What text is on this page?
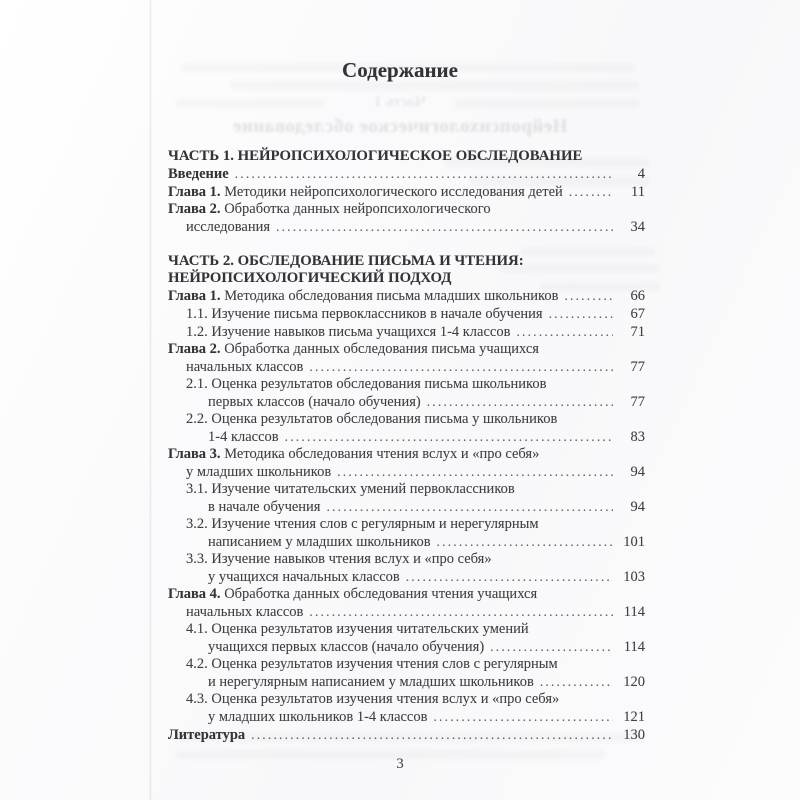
Часть 1
Нейропсихологическое обследование
Содержание
ЧАСТЬ 1. НЕЙРОПСИХОЛОГИЧЕСКОЕ ОБСЛЕДОВАНИЕ
Введение .....	4
Глава 1. Методики нейропсихологического исследования детей .....	11
Глава 2. Обработка данных нейропсихологического
исследования .....	34
ЧАСТЬ 2. ОБСЛЕДОВАНИЕ ПИСЬМА И ЧТЕНИЯ:
НЕЙРОПСИХОЛОГИЧЕСКИЙ ПОДХОД
Глава 1. Методика обследования письма младших школьников .....	66
1.1. Изучение письма первоклассников в начале обучения .....	67
1.2. Изучение навыков письма учащихся 1-4 классов .....	71
Глава 2. Обработка данных обследования письма учащихся
начальных классов .....	77
2.1. Оценка результатов обследования письма школьников
первых классов (начало обучения) .....	77
2.2. Оценка результатов обследования письма у школьников
1-4 классов .....	83
Глава 3. Методика обследования чтения вслух и «про себя»
у младших школьников .....	94
3.1. Изучение читательских умений первоклассников
в начале обучения .....	94
3.2. Изучение чтения слов с регулярным и нерегулярным
написанием у младших школьников .....	101
3.3. Изучение навыков чтения вслух и «про себя»
у учащихся начальных классов .....	103
Глава 4. Обработка данных обследования чтения учащихся
начальных классов .....	114
4.1. Оценка результатов изучения читательских умений
учащихся первых классов (начало обучения) .....	114
4.2. Оценка результатов изучения чтения слов с регулярным
и нерегулярным написанием у младших школьников .....	120
4.3. Оценка результатов изучения чтения вслух и «про себя»
у младших школьников 1-4 классов .....	121
Литература .....	130
3
